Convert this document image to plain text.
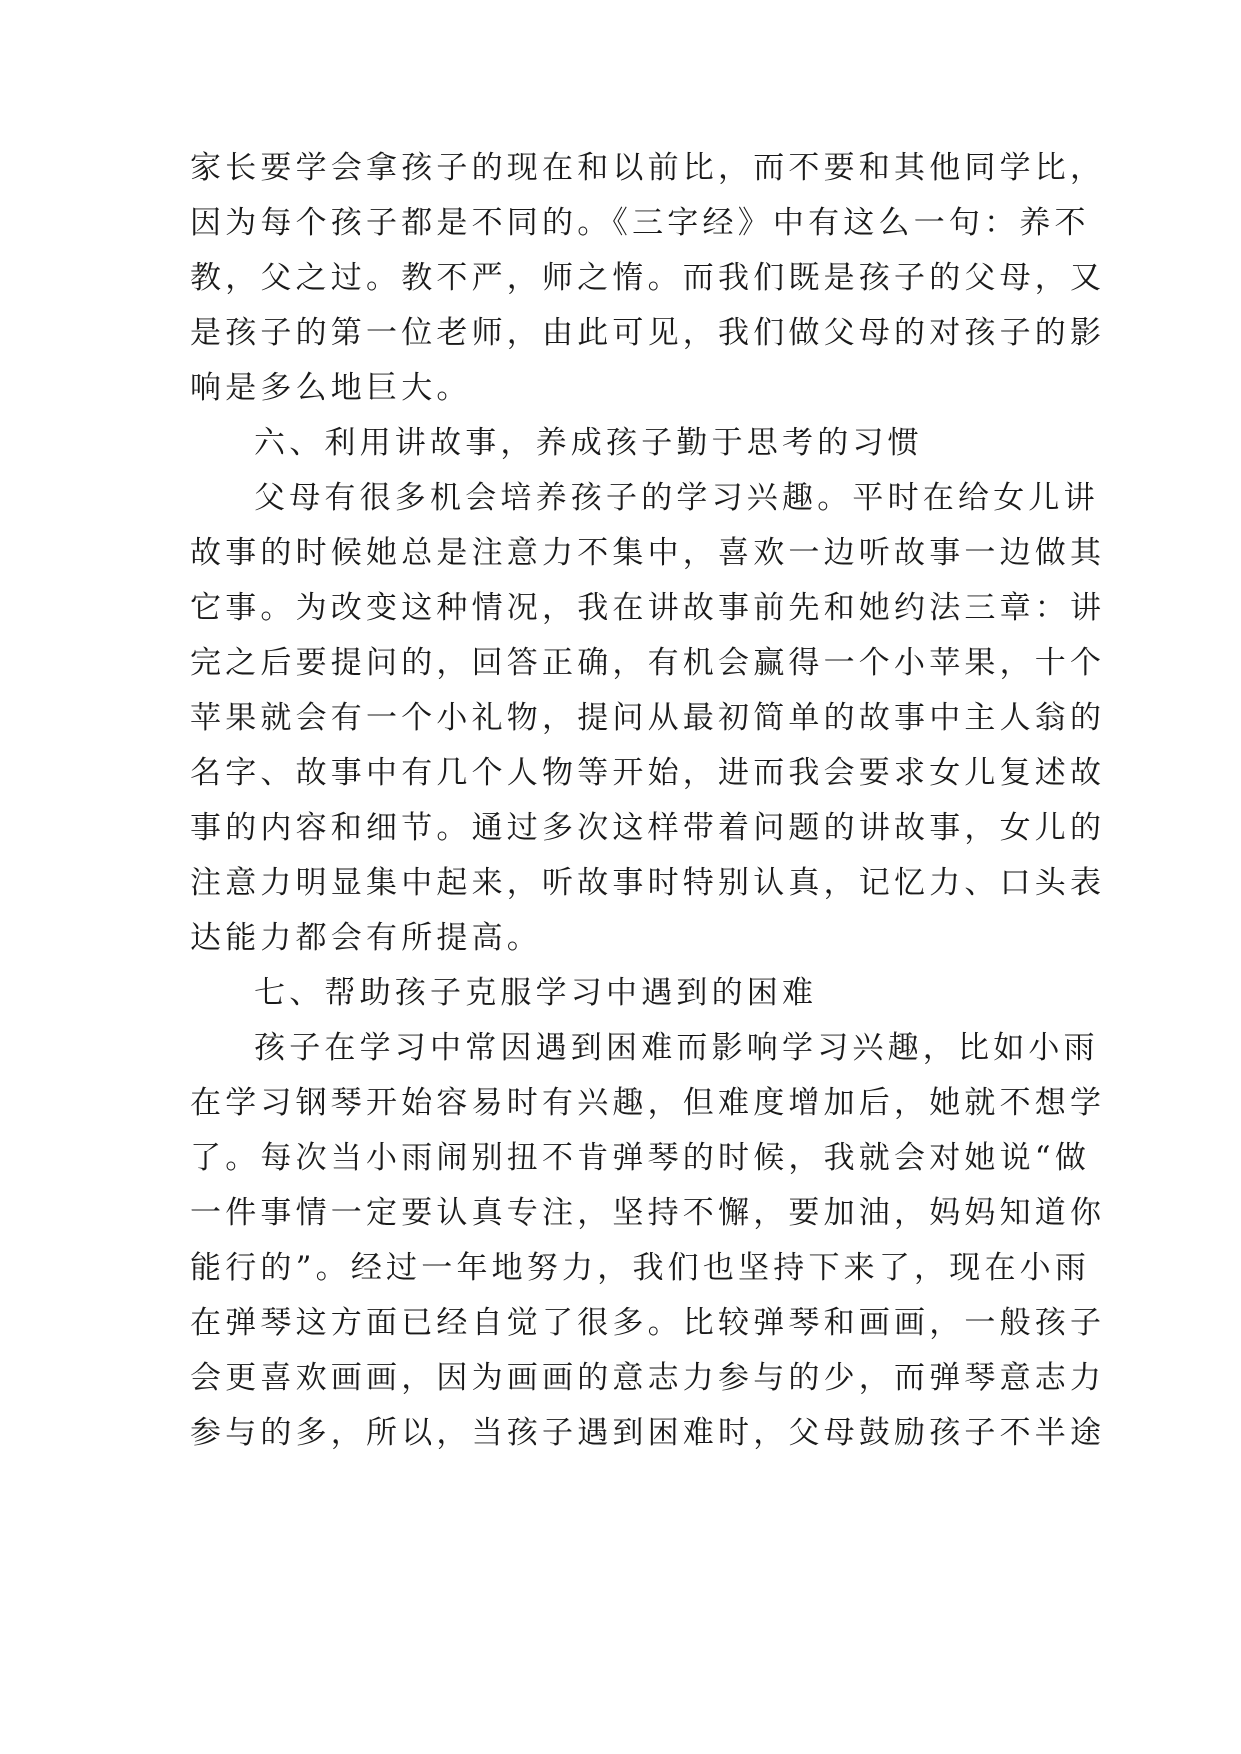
家长要学会拿孩子的现在和以前比，而不要和其他同学比，
因为每个孩子都是不同的。《三字经》中有这么一句：养不
教，父之过。教不严，师之惰。而我们既是孩子的父母，又
是孩子的第一位老师，由此可见，我们做父母的对孩子的影
响是多么地巨大。
六、利用讲故事，养成孩子勤于思考的习惯
父母有很多机会培养孩子的学习兴趣。平时在给女儿讲
故事的时候她总是注意力不集中，喜欢一边听故事一边做其
它事。为改变这种情况，我在讲故事前先和她约法三章：讲
完之后要提问的，回答正确，有机会赢得一个小苹果，十个
苹果就会有一个小礼物，提问从最初简单的故事中主人翁的
名字、故事中有几个人物等开始，进而我会要求女儿复述故
事的内容和细节。通过多次这样带着问题的讲故事，女儿的
注意力明显集中起来，听故事时特别认真，记忆力、口头表
达能力都会有所提高。
七、帮助孩子克服学习中遇到的困难
孩子在学习中常因遇到困难而影响学习兴趣，比如小雨
在学习钢琴开始容易时有兴趣，但难度增加后，她就不想学
了。每次当小雨闹别扭不肯弹琴的时候，我就会对她说“做
一件事情一定要认真专注，坚持不懈，要加油，妈妈知道你
能行的”。经过一年地努力，我们也坚持下来了，现在小雨
在弹琴这方面已经自觉了很多。比较弹琴和画画，一般孩子
会更喜欢画画，因为画画的意志力参与的少，而弹琴意志力
参与的多，所以，当孩子遇到困难时，父母鼓励孩子不半途
